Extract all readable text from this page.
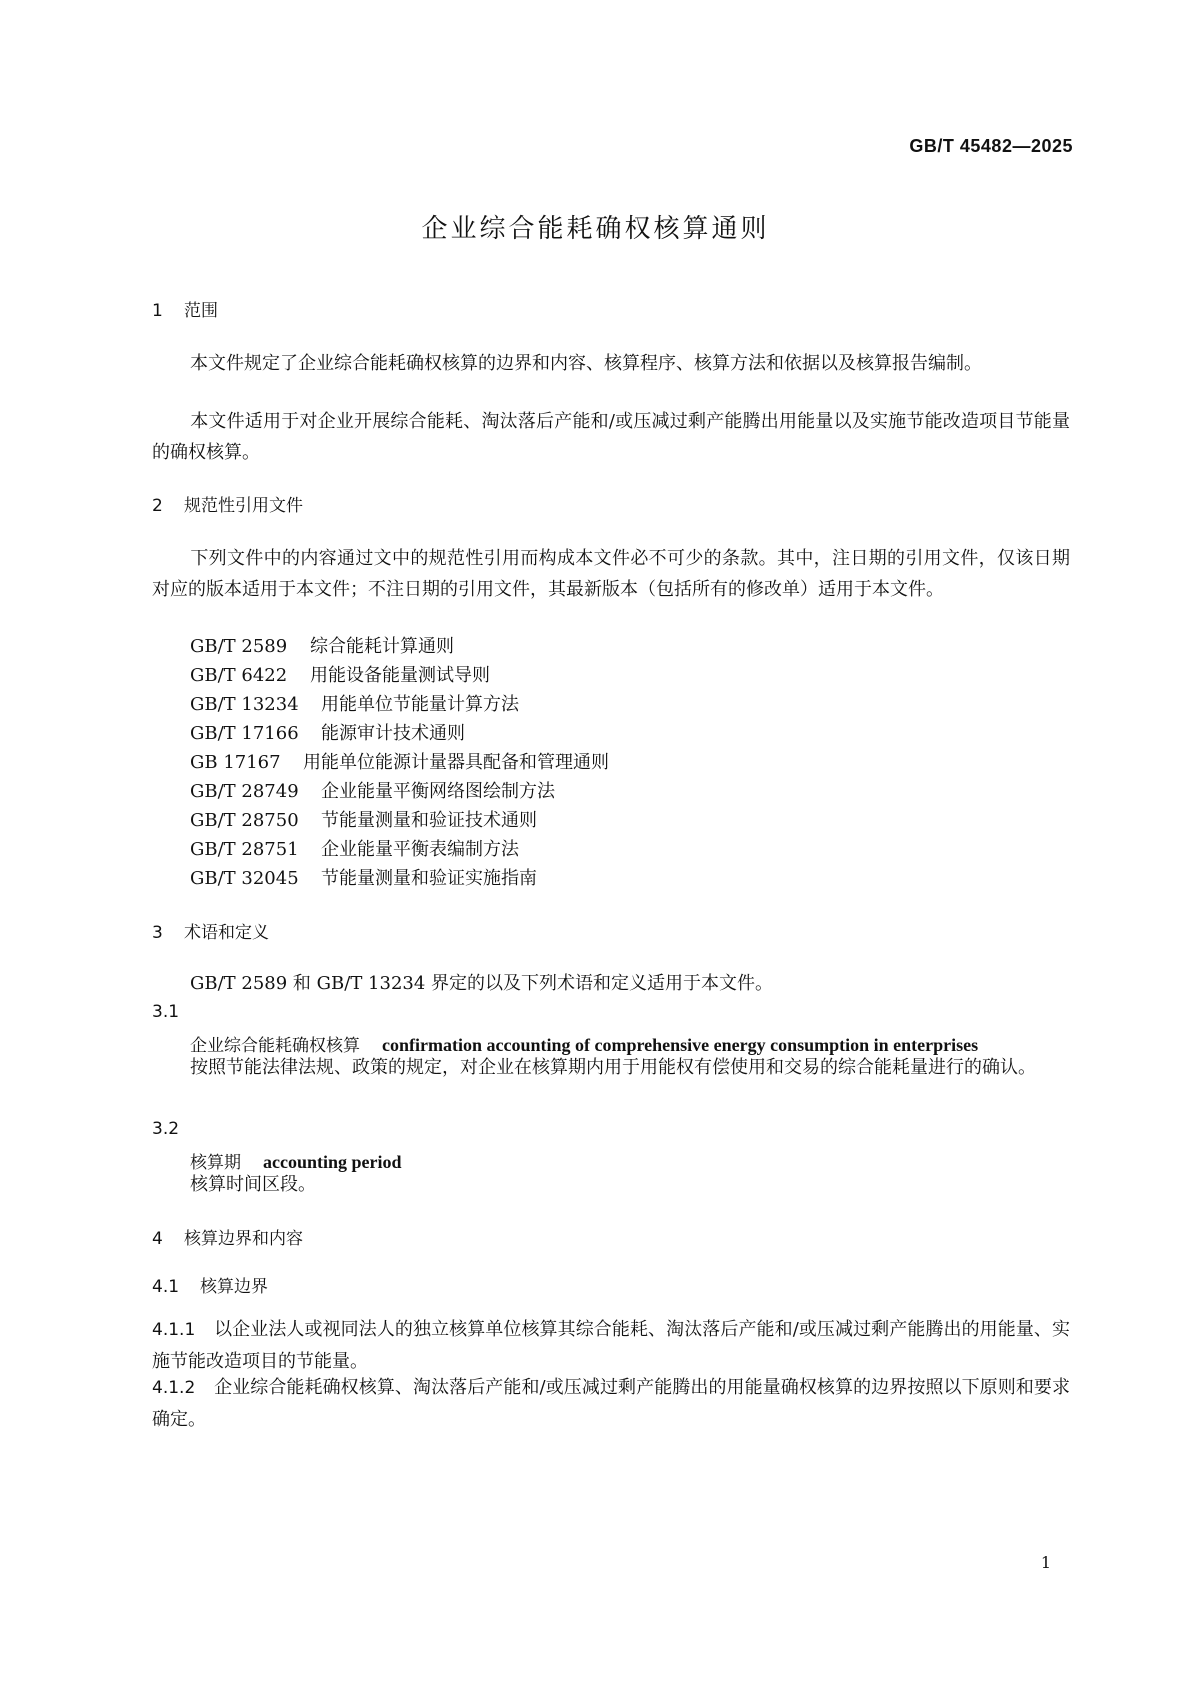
GB/T 45482—2025
企业综合能耗确权核算通则
1 范围
本文件规定了企业综合能耗确权核算的边界和内容、核算程序、核算方法和依据以及核算报告编制。
本文件适用于对企业开展综合能耗、淘汰落后产能和/或压减过剩产能腾出用能量以及实施节能改造项目节能量的确权核算。
2 规范性引用文件
下列文件中的内容通过文中的规范性引用而构成本文件必不可少的条款。其中，注日期的引用文件，仅该日期对应的版本适用于本文件；不注日期的引用文件，其最新版本（包括所有的修改单）适用于本文件。
GB/T 2589 综合能耗计算通则
GB/T 6422 用能设备能量测试导则
GB/T 13234 用能单位节能量计算方法
GB/T 17166 能源审计技术通则
GB 17167 用能单位能源计量器具配备和管理通则
GB/T 28749 企业能量平衡网络图绘制方法
GB/T 28750 节能量测量和验证技术通则
GB/T 28751 企业能量平衡表编制方法
GB/T 32045 节能量测量和验证实施指南
3 术语和定义
GB/T 2589 和 GB/T 13234 界定的以及下列术语和定义适用于本文件。
3.1
企业综合能耗确权核算 confirmation accounting of comprehensive energy consumption in enterprises
按照节能法律法规、政策的规定，对企业在核算期内用于用能权有偿使用和交易的综合能耗量进行的确认。
3.2
核算期 accounting period
核算时间区段。
4 核算边界和内容
4.1 核算边界
4.1.1 以企业法人或视同法人的独立核算单位核算其综合能耗、淘汰落后产能和/或压减过剩产能腾出的用能量、实施节能改造项目的节能量。
4.1.2 企业综合能耗确权核算、淘汰落后产能和/或压减过剩产能腾出的用能量确权核算的边界按照以下原则和要求确定。
1
